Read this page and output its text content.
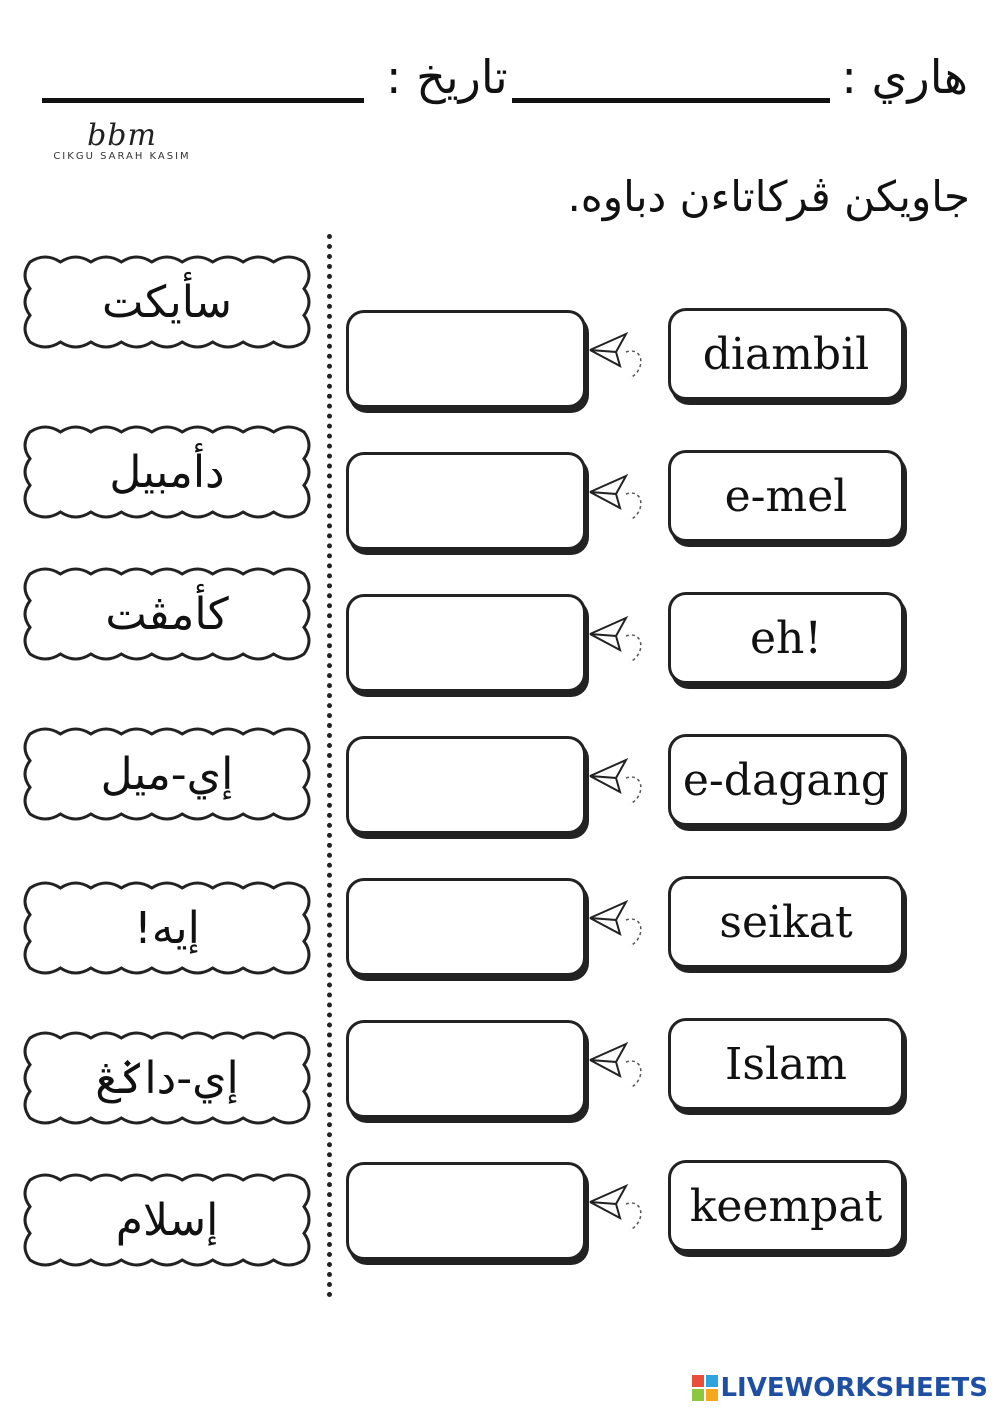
هاري :
تاريخ :
bbm
CIKGU SARAH KASIM
جاويكن ڤركاتاءن دباوه.
سأيکت
دأمبيل
كأمڤت
إي-ميل
إيه!
إي-داݢڠ
إسلام
diambil
e-mel
eh!
e-dagang
seikat
Islam
keempat
LIVEWORKSHEETS
